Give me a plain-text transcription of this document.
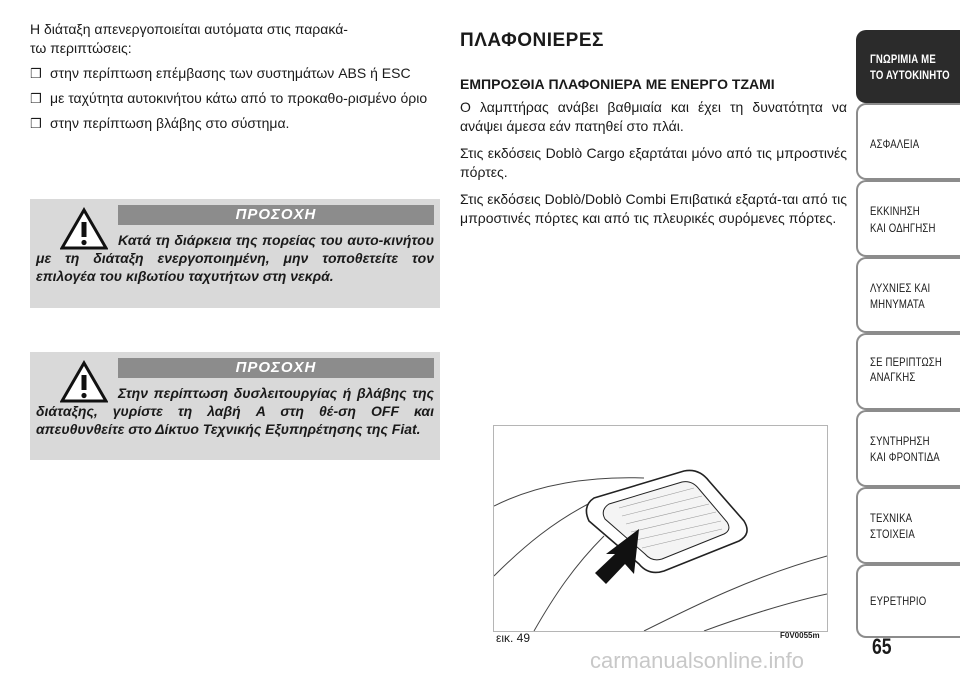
Η διάταξη απενεργοποιείται αυτόματα στις παρακά-
τω περιπτώσεις:

❒ στην περίπτωση επέμβασης των συστημάτων ABS ή ESC
❒ με ταχύτητα αυτοκινήτου κάτω από το προκαθο-ρισμένο όριο
❒ στην περίπτωση βλάβης στο σύστημα.
ΠΡΟΣΟΧΗ
Κατά τη διάρκεια της πορείας του αυτο-κινήτου με τη διάταξη ενεργοποιημένη, μην τοποθετείτε τον επιλογέα του κιβωτίου ταχυτήτων στη νεκρά.
ΠΡΟΣΟΧΗ
Στην περίπτωση δυσλειτουργίας ή βλάβης της διάταξης, γυρίστε τη λαβή A στη θέ-ση OFF και απευθυνθείτε στο Δίκτυο Τεχνικής Εξυπηρέτησης της Fiat.
ΠΛΑΦΟΝΙΕΡΕΣ
ΕΜΠΡΟΣΘΙΑ ΠΛΑΦΟΝΙΕΡΑ ΜΕ ΕΝΕΡΓΟ ΤΖΑΜΙ

Ο λαμπτήρας ανάβει βαθμιαία και έχει τη δυνατότητα να ανάψει άμεσα εάν πατηθεί στο πλάι.

Στις εκδόσεις Doblò Cargo εξαρτάται μόνο από τις μπροστινές πόρτες.

Στις εκδόσεις Doblò/Doblò Combi Επιβατικά εξαρτά-ται από τις μπροστινές πόρτες και από τις πλευρικές συρόμενες πόρτες.

εικ. 49	F0V0055m
ΓΝΩΡΙΜΙΑ ΜΕ
ΤΟ ΑΥΤΟΚΙΝΗΤΟ
ΑΣΦΑΛΕΙΑ
ΕΚΚΙΝΗΣΗ
ΚΑΙ ΟΔΗΓΗΣΗ
ΛΥΧΝΙΕΣ ΚΑΙ
ΜΗΝΥΜΑΤΑ
ΣΕ ΠΕΡΙΠΤΩΣΗ
ΑΝΑΓΚΗΣ
ΣΥΝΤΗΡΗΣΗ
ΚΑΙ ΦΡΟΝΤΙΔΑ
ΤΕΧΝΙΚΑ
ΣΤΟΙΧΕΙΑ
ΕΥΡΕΤΗΡΙΟ
65
carmanualsonline.info
